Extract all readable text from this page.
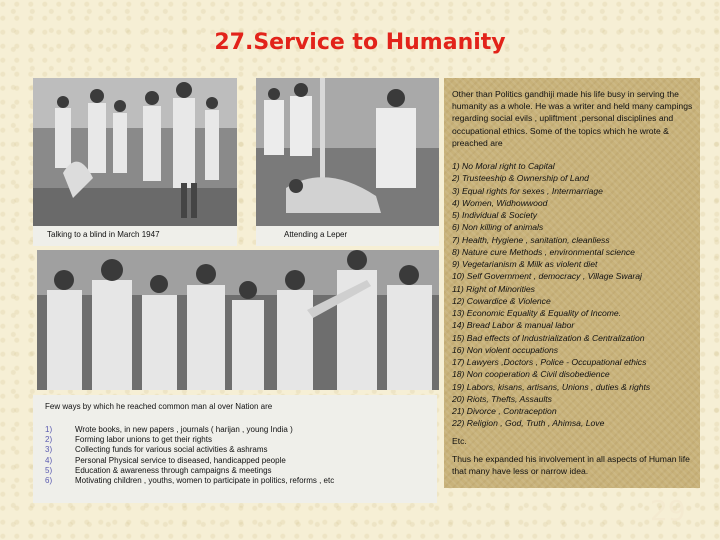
27.Service to Humanity
Talking to a blind in March 1947	Attending a Leper
Few ways by which he reached common man al over Nation are
1)	Wrote books, in new papers , journals ( harijan , young India )
2)	Forming labor unions to get their rights
3)	Collecting funds for various social activities & ashrams
4)	Personal Physical service to diseased, handicapped people
5)	Education & awareness through campaigns & meetings
6)	Motivating children , youths, women to participate in politics, reforms , etc
Other than Politics gandhiji made his life busy in serving the humanity as a whole. He was a writer and held many campings regarding social evils , upliftment ,personal disciplines and occupational ethics. Some of the topics which he wrote & preached are
1) No Moral right to Capital
2) Trusteeship & Ownership of Land
3) Equal rights for sexes , Intermarriage
4) Women, Widhowwood
5) Individual & Society
6) Non killing of animals
7) Health, Hygiene , sanitation, cleanliess
8) Nature cure Methods , environmental science
9) Vegetarianism & Milk as violent diet
10) Self Government , democracy , Village Swaraj
11) Right of Minorities
12) Cowardice & Violence
13) Economic Equality & Equality of Income.
14) Bread Labor & manual labor
15) Bad effects of Industrialization & Centralization
16) Non violent occupations
17) Lawyers ,Doctors , Police - Occupational ethics
18) Non cooperation & Civil disobedience
19) Labors, kisans, artisans, Unions , duties & rights
20) Riots, Thefts, Assaults
21) Divorce , Contraception
22) Religion , God, Truth , Ahimsa, Love
Etc.
Thus he expanded his involvement in all aspects of Human life that many have less or narrow idea.
29
